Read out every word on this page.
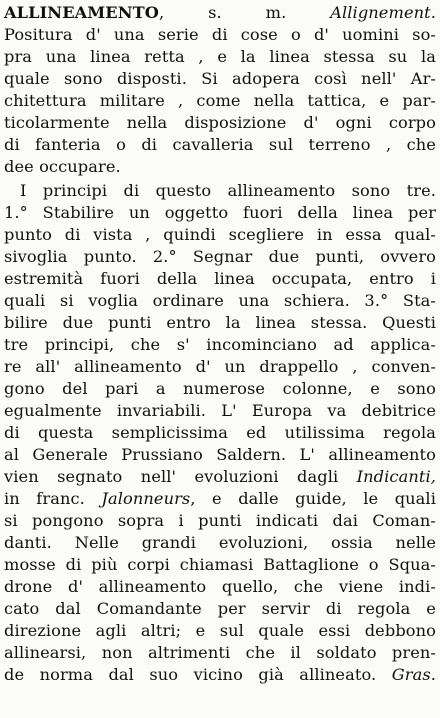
ALLINEAMENTO, s. m.	Allignement.
Positura d' una serie di cose o d' uomini so-
pra una linea retta , e la linea stessa su la
quale sono disposti. Si adopera così nell' Ar-
chitettura militare , come nella tattica, e par-
ticolarmente nella disposizione d' ogni corpo
di fanteria o di cavalleria sul terreno , che
dee occupare.
I principi di questo allineamento sono tre.
1.° Stabilire un oggetto fuori della linea per
punto di vista , quindi scegliere in essa qual-
sivoglia punto. 2.° Segnar due punti, ovvero
estremità fuori della linea occupata, entro i
quali si voglia ordinare una schiera. 3.° Sta-
bilire due punti entro la linea stessa. Questi
tre principi, che s' incominciano ad applica-
re all' allineamento d' un drappello , conven-
gono del pari a numerose colonne, e sono
egualmente invariabili. L' Europa va debitrice
di questa semplicissima ed utilissima regola
al Generale Prussiano Saldern. L' allineamento
vien segnato nell' evoluzioni dagli Indicanti,
in franc. Jalonneurs, e dalle guide, le quali
si pongono sopra i punti indicati dai Coman-
danti. Nelle grandi evoluzioni, ossia nelle
mosse di più corpi chiamasi Battaglione o Squa-
drone d' allineamento quello, che viene indi-
cato dal Comandante per servir di regola e
direzione agli altri; e sul quale essi debbono
allinearsi, non altrimenti che il soldato pren-
de norma dal suo vicino già allineato. Gras.
